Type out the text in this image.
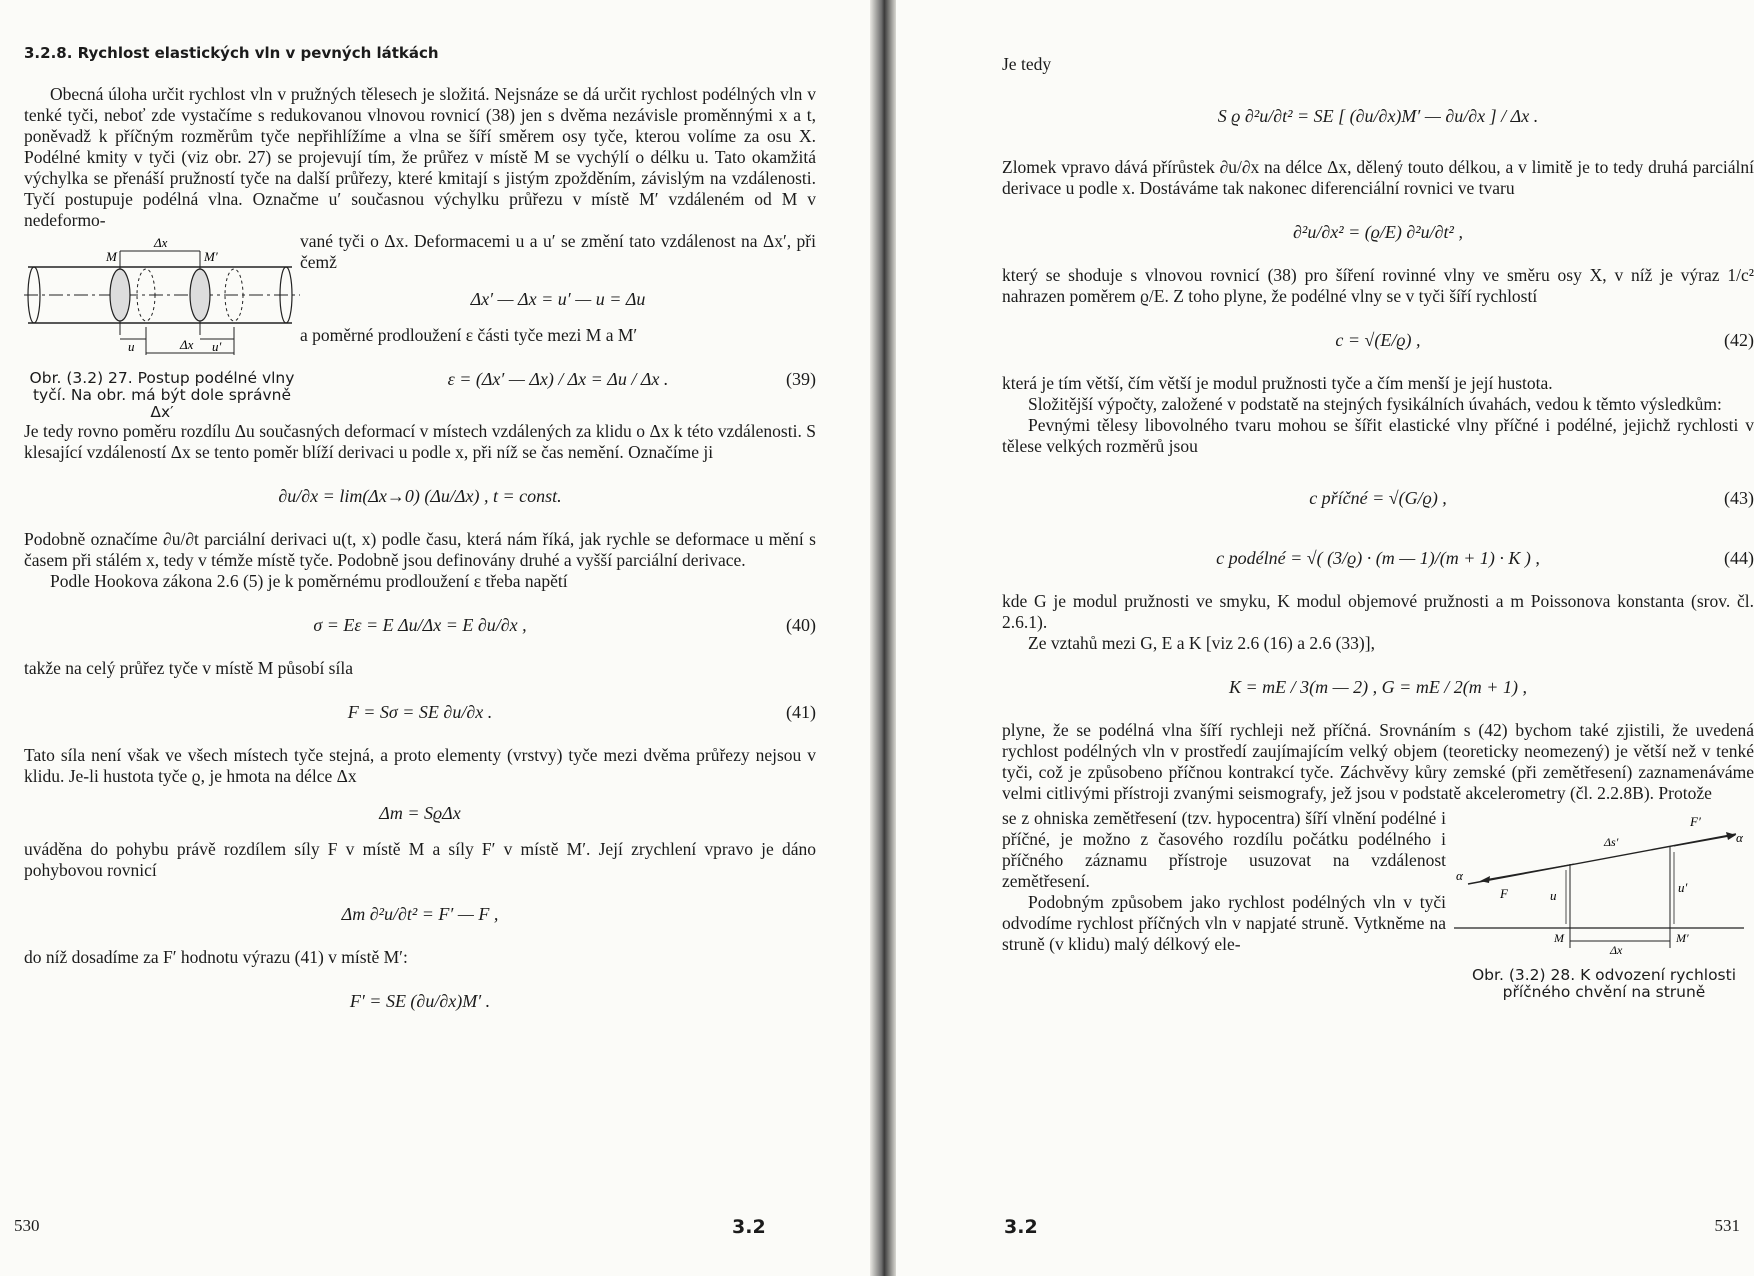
3.2.8. Rychlost elastických vln v pevných látkách

Obecná úloha určit rychlost vln v pružných tělesech je složitá. Nejsnáze se dá určit rychlost podélných vln v tenké tyči, neboť zde vystačíme s redukovanou vlnovou rovnicí (38) jen s dvěma nezávisle proměnnými x a t, poněvadž k příčným rozměrům tyče nepřihlížíme a vlna se šíří směrem osy tyče, kterou volíme za osu X. Podélné kmity v tyči (viz obr. 27) se projevují tím, že průřez v místě M se vychýlí o délku u. Tato okamžitá výchylka se přenáší pružností tyče na další průřezy, které kmitají s jistým zpožděním, závislým na vzdálenosti. Tyčí postupuje podélná vlna. Označme u′ současnou výchylku průřezu v místě M′ vzdáleném od M v nedeformo-

Δx
M	M′
u	u′
Δx
Obr. (3.2) 27. Postup podélné vlny tyčí. Na obr. má být dole správně Δx′

vané tyči o Δx. Deformacemi u a u′ se změní tato vzdálenost na Δx′, při čemž

Δx′ — Δx = u′ — u = Δu

a poměrné prodloužení ε části tyče mezi M a M′

ε = (Δx′ — Δx) / Δx = Δu / Δx .	(39)

Je tedy rovno poměru rozdílu Δu současných deformací v místech vzdálených za klidu o Δx k této vzdálenosti. S klesající vzdáleností Δx se tento poměr blíží derivaci u podle x, při níž se čas nemění. Označíme ji

∂u/∂x = lim(Δx→0) (Δu/Δx) , t = const.

Podobně označíme ∂u/∂t parciální derivaci u(t, x) podle času, která nám říká, jak rychle se deformace u mění s časem při stálém x, tedy v témže místě tyče. Podobně jsou definovány druhé a vyšší parciální derivace.

Podle Hookova zákona 2.6 (5) je k poměrnému prodloužení ε třeba napětí

σ = Eε = E Δu/Δx = E ∂u/∂x ,	(40)

takže na celý průřez tyče v místě M působí síla

F = Sσ = SE ∂u/∂x .	(41)

Tato síla není však ve všech místech tyče stejná, a proto elementy (vrstvy) tyče mezi dvěma průřezy nejsou v klidu. Je-li hustota tyče ϱ, je hmota na délce Δx

Δm = SϱΔx

uváděna do pohybu právě rozdílem síly F v místě M a síly F′ v místě M′. Její zrychlení vpravo je dáno pohybovou rovnicí

Δm ∂²u/∂t² = F′ — F ,

do níž dosadíme za F′ hodnotu výrazu (41) v místě M′:

F′ = SE (∂u/∂x)M′ .
530	3.2

Je tedy

S ϱ ∂²u/∂t² = SE [ (∂u/∂x)M′ — ∂u/∂x ] / Δx .

Zlomek vpravo dává přírůstek ∂u/∂x na délce Δx, dělený touto délkou, a v limitě je to tedy druhá parciální derivace u podle x. Dostáváme tak nakonec diferenciální rovnici ve tvaru

∂²u/∂x² = (ϱ/E) ∂²u/∂t² ,

který se shoduje s vlnovou rovnicí (38) pro šíření rovinné vlny ve směru osy X, v níž je výraz 1/c² nahrazen poměrem ϱ/E. Z toho plyne, že podélné vlny se v tyči šíří rychlostí

c = √(E/ϱ) ,	(42)

která je tím větší, čím větší je modul pružnosti tyče a čím menší je její hustota.

Složitější výpočty, založené v podstatě na stejných fysikálních úvahách, vedou k těmto výsledkům:

Pevnými tělesy libovolného tvaru mohou se šířit elastické vlny příčné i podélné, jejichž rychlosti v tělese velkých rozměrů jsou

c příčné = √(G/ϱ) ,	(43)
c podélné = √( (3/ϱ) · (m — 1)/(m + 1) · K ) ,	(44)

kde G je modul pružnosti ve smyku, K modul objemové pružnosti a m Poissonova konstanta (srov. čl. 2.6.1).

Ze vztahů mezi G, E a K [viz 2.6 (16) a 2.6 (33)],

K = mE / 3(m — 2) , G = mE / 2(m + 1) ,

plyne, že se podélná vlna šíří rychleji než příčná. Srovnáním s (42) bychom také zjistili, že uvedená rychlost podélných vln v prostředí zaujímajícím velký objem (teoreticky neomezený) je větší než v tenké tyči, což je způsobeno příčnou kontrakcí tyče. Záchvěvy kůry zemské (při zemětřesení) zaznamenáváme velmi citlivými přístroji zvanými seismografy, jež jsou v podstatě akcelerometry (čl. 2.2.8B). Protože

se z ohniska zemětřesení (tzv. hypocentra) šíří vlnění podélné i příčné, je možno z časového rozdílu počátku podélného i příčného záznamu přístroje usuzovat na vzdálenost zemětřesení.

Podobným způsobem jako rychlost podélných vln v tyči odvodíme rychlost příčných vln v napjaté struně. Vytkněme na struně (v klidu) malý délkový ele-

F′
Δs′	α
α
F	u
u′
M
Δx
M′
Obr. (3.2) 28. K odvození rychlosti příčného chvění na struně
3.2	531
